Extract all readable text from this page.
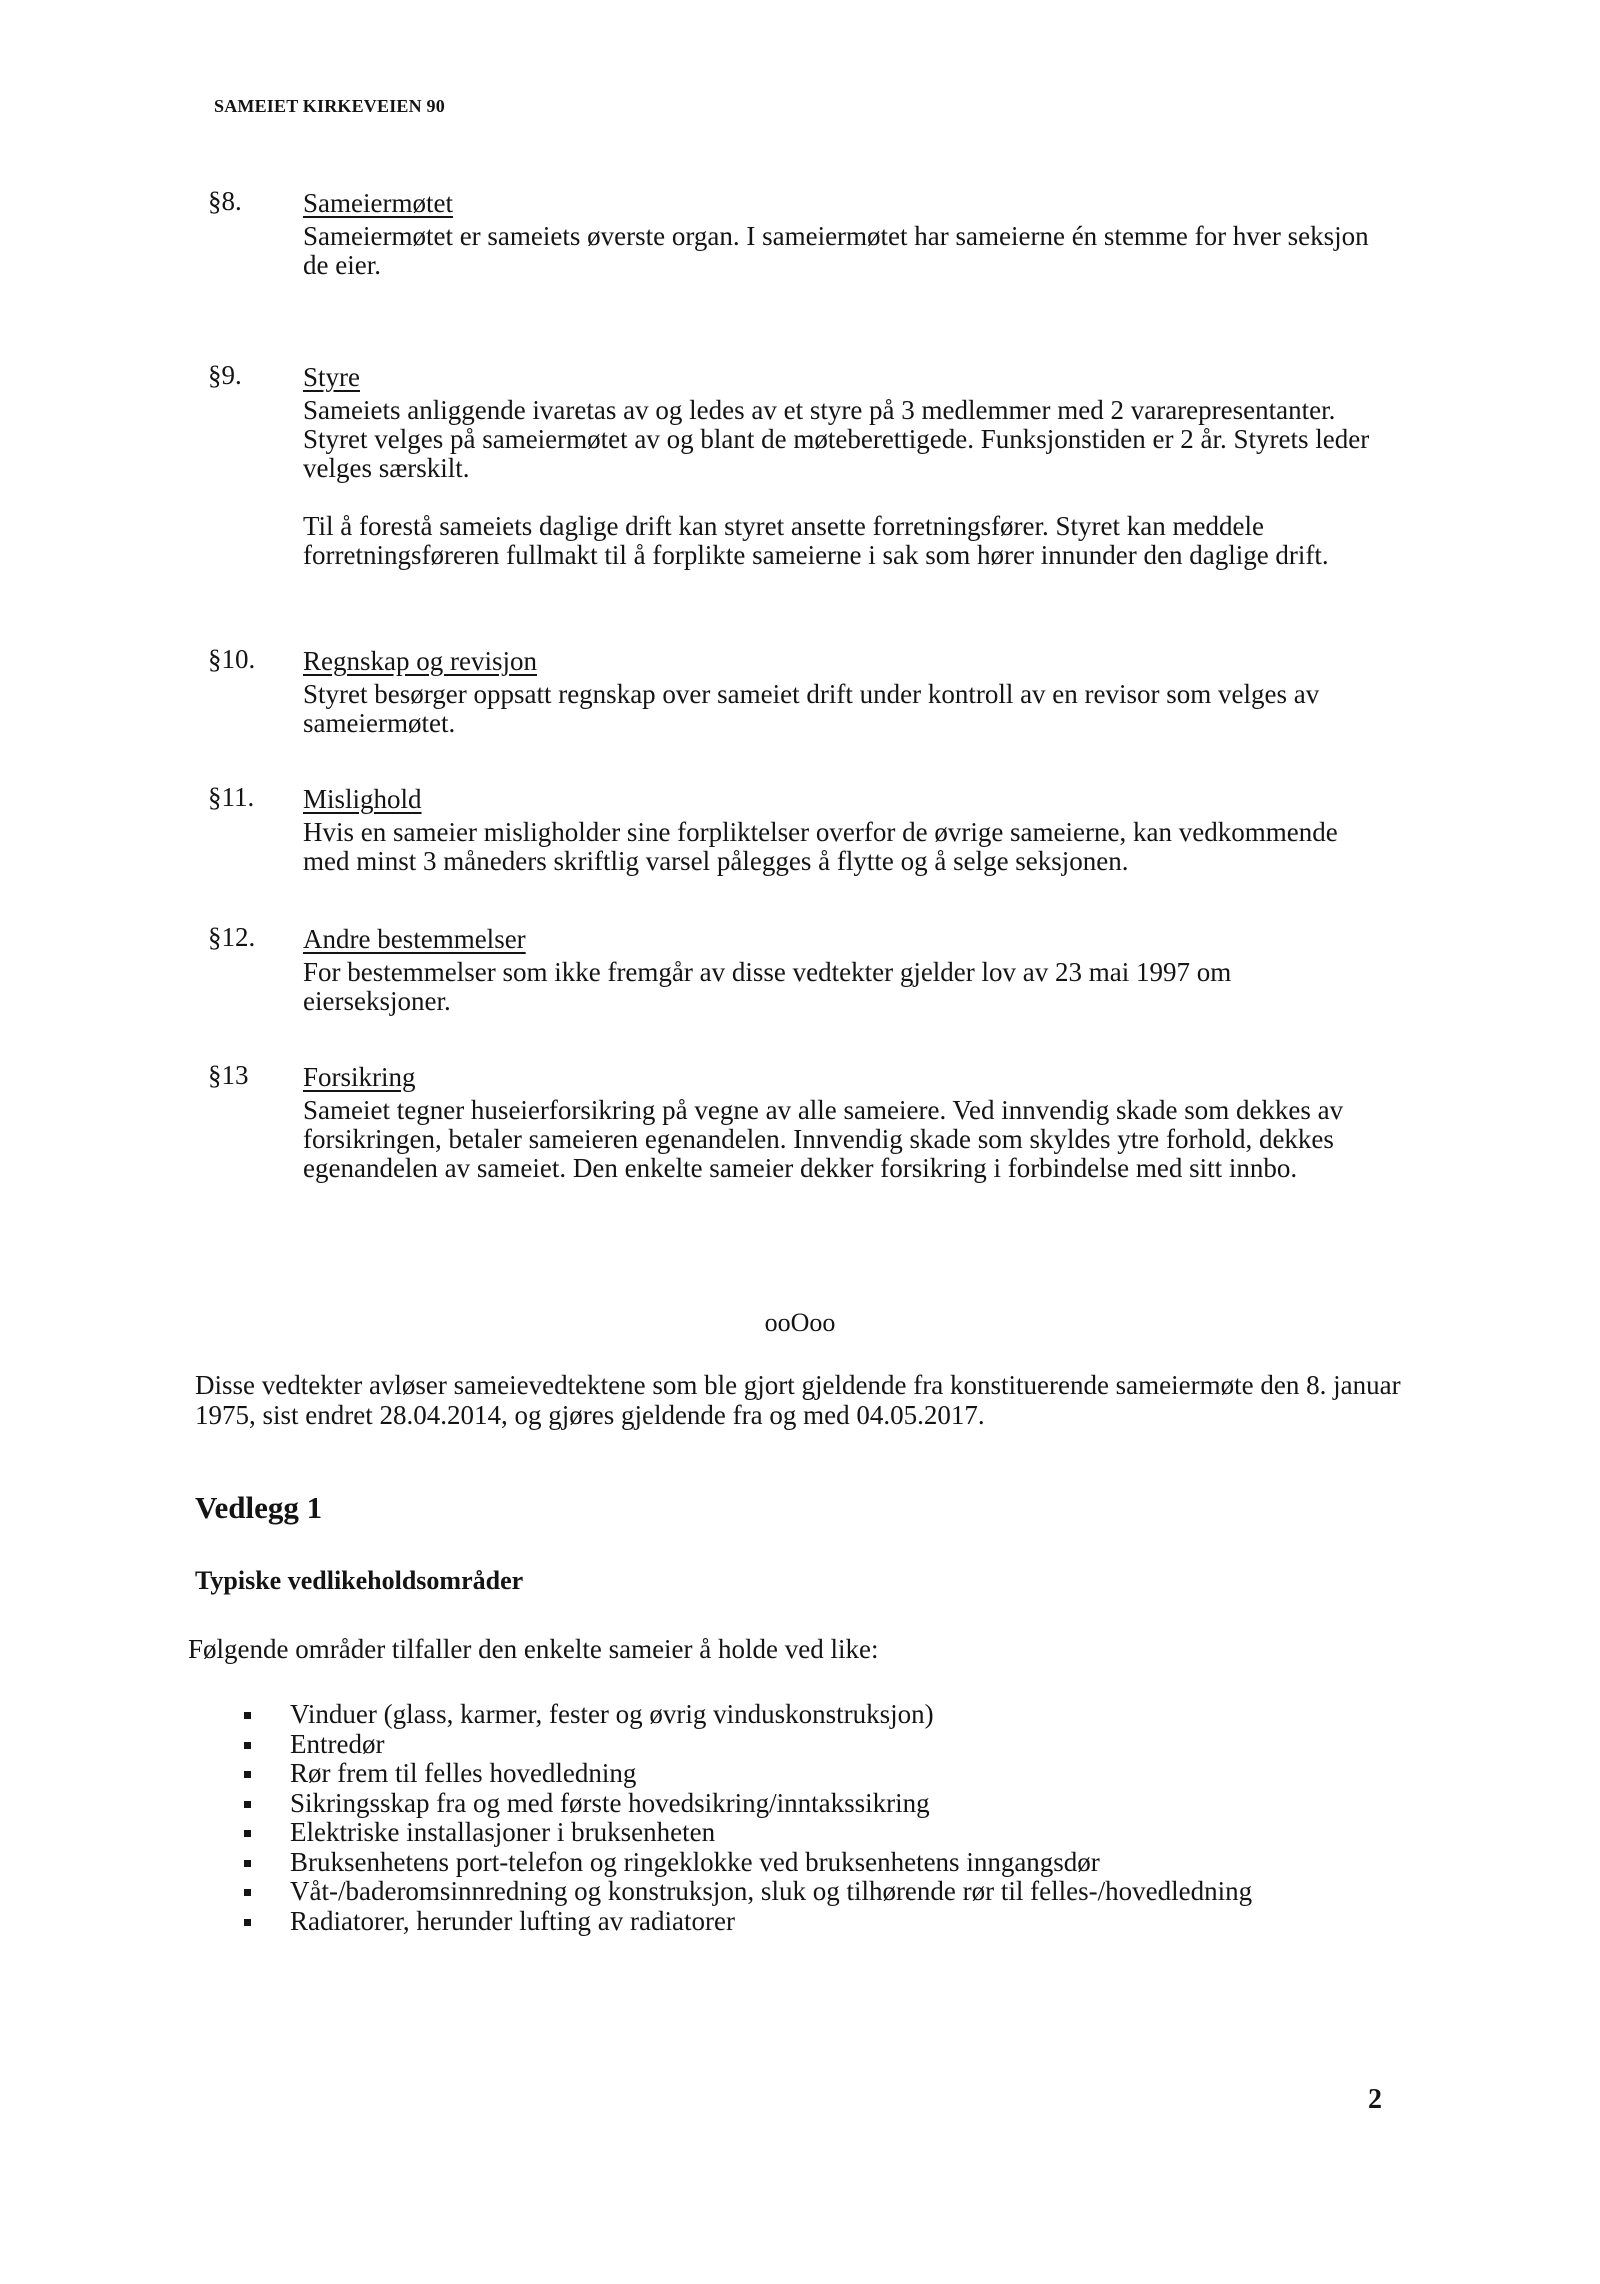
SAMEIET KIRKEVEIEN 90
§8.	Sameiermøtet

Sameiermøtet er sameiets øverste organ. I sameiermøtet har sameierne én stemme for hver seksjon de eier.

§9.	Styre

Sameiets anliggende ivaretas av og ledes av et styre på 3 medlemmer med 2 vararepresentanter. Styret velges på sameiermøtet av og blant de møteberettigede. Funksjonstiden er 2 år. Styrets leder velges særskilt.

Til å forestå sameiets daglige drift kan styret ansette forretningsfører. Styret kan meddele forretningsføreren fullmakt til å forplikte sameierne i sak som hører innunder den daglige drift.

§10.	Regnskap og revisjon

Styret besørger oppsatt regnskap over sameiet drift under kontroll av en revisor som velges av sameiermøtet.

§11.	Mislighold

Hvis en sameier misligholder sine forpliktelser overfor de øvrige sameierne, kan vedkommende med minst 3 måneders skriftlig varsel pålegges å flytte og å selge seksjonen.

§12.	Andre bestemmelser

For bestemmelser som ikke fremgår av disse vedtekter gjelder lov av 23 mai 1997 om eierseksjoner.

§13	Forsikring

Sameiet tegner huseierforsikring på vegne av alle sameiere. Ved innvendig skade som dekkes av forsikringen, betaler sameieren egenandelen. Innvendig skade som skyldes ytre forhold, dekkes egenandelen av sameiet. Den enkelte sameier dekker forsikring i forbindelse med sitt innbo.

ooOoo
Disse vedtekter avløser sameievedtektene som ble gjort gjeldende fra konstituerende sameiermøte den 8. januar 1975, sist endret 28.04.2014, og gjøres gjeldende fra og med 04.05.2017.
Vedlegg 1
Typiske vedlikeholdsområder
Følgende områder tilfaller den enkelte sameier å holde ved like:
Vinduer (glass, karmer, fester og øvrig vinduskonstruksjon)
Entredør
Rør frem til felles hovedledning
Sikringsskap fra og med første hovedsikring/inntakssikring
Elektriske installasjoner i bruksenheten
Bruksenhetens port-telefon og ringeklokke ved bruksenhetens inngangsdør
Våt-/baderomsinnredning og konstruksjon, sluk og tilhørende rør til felles-/hovedledning
Radiatorer, herunder lufting av radiatorer
2
